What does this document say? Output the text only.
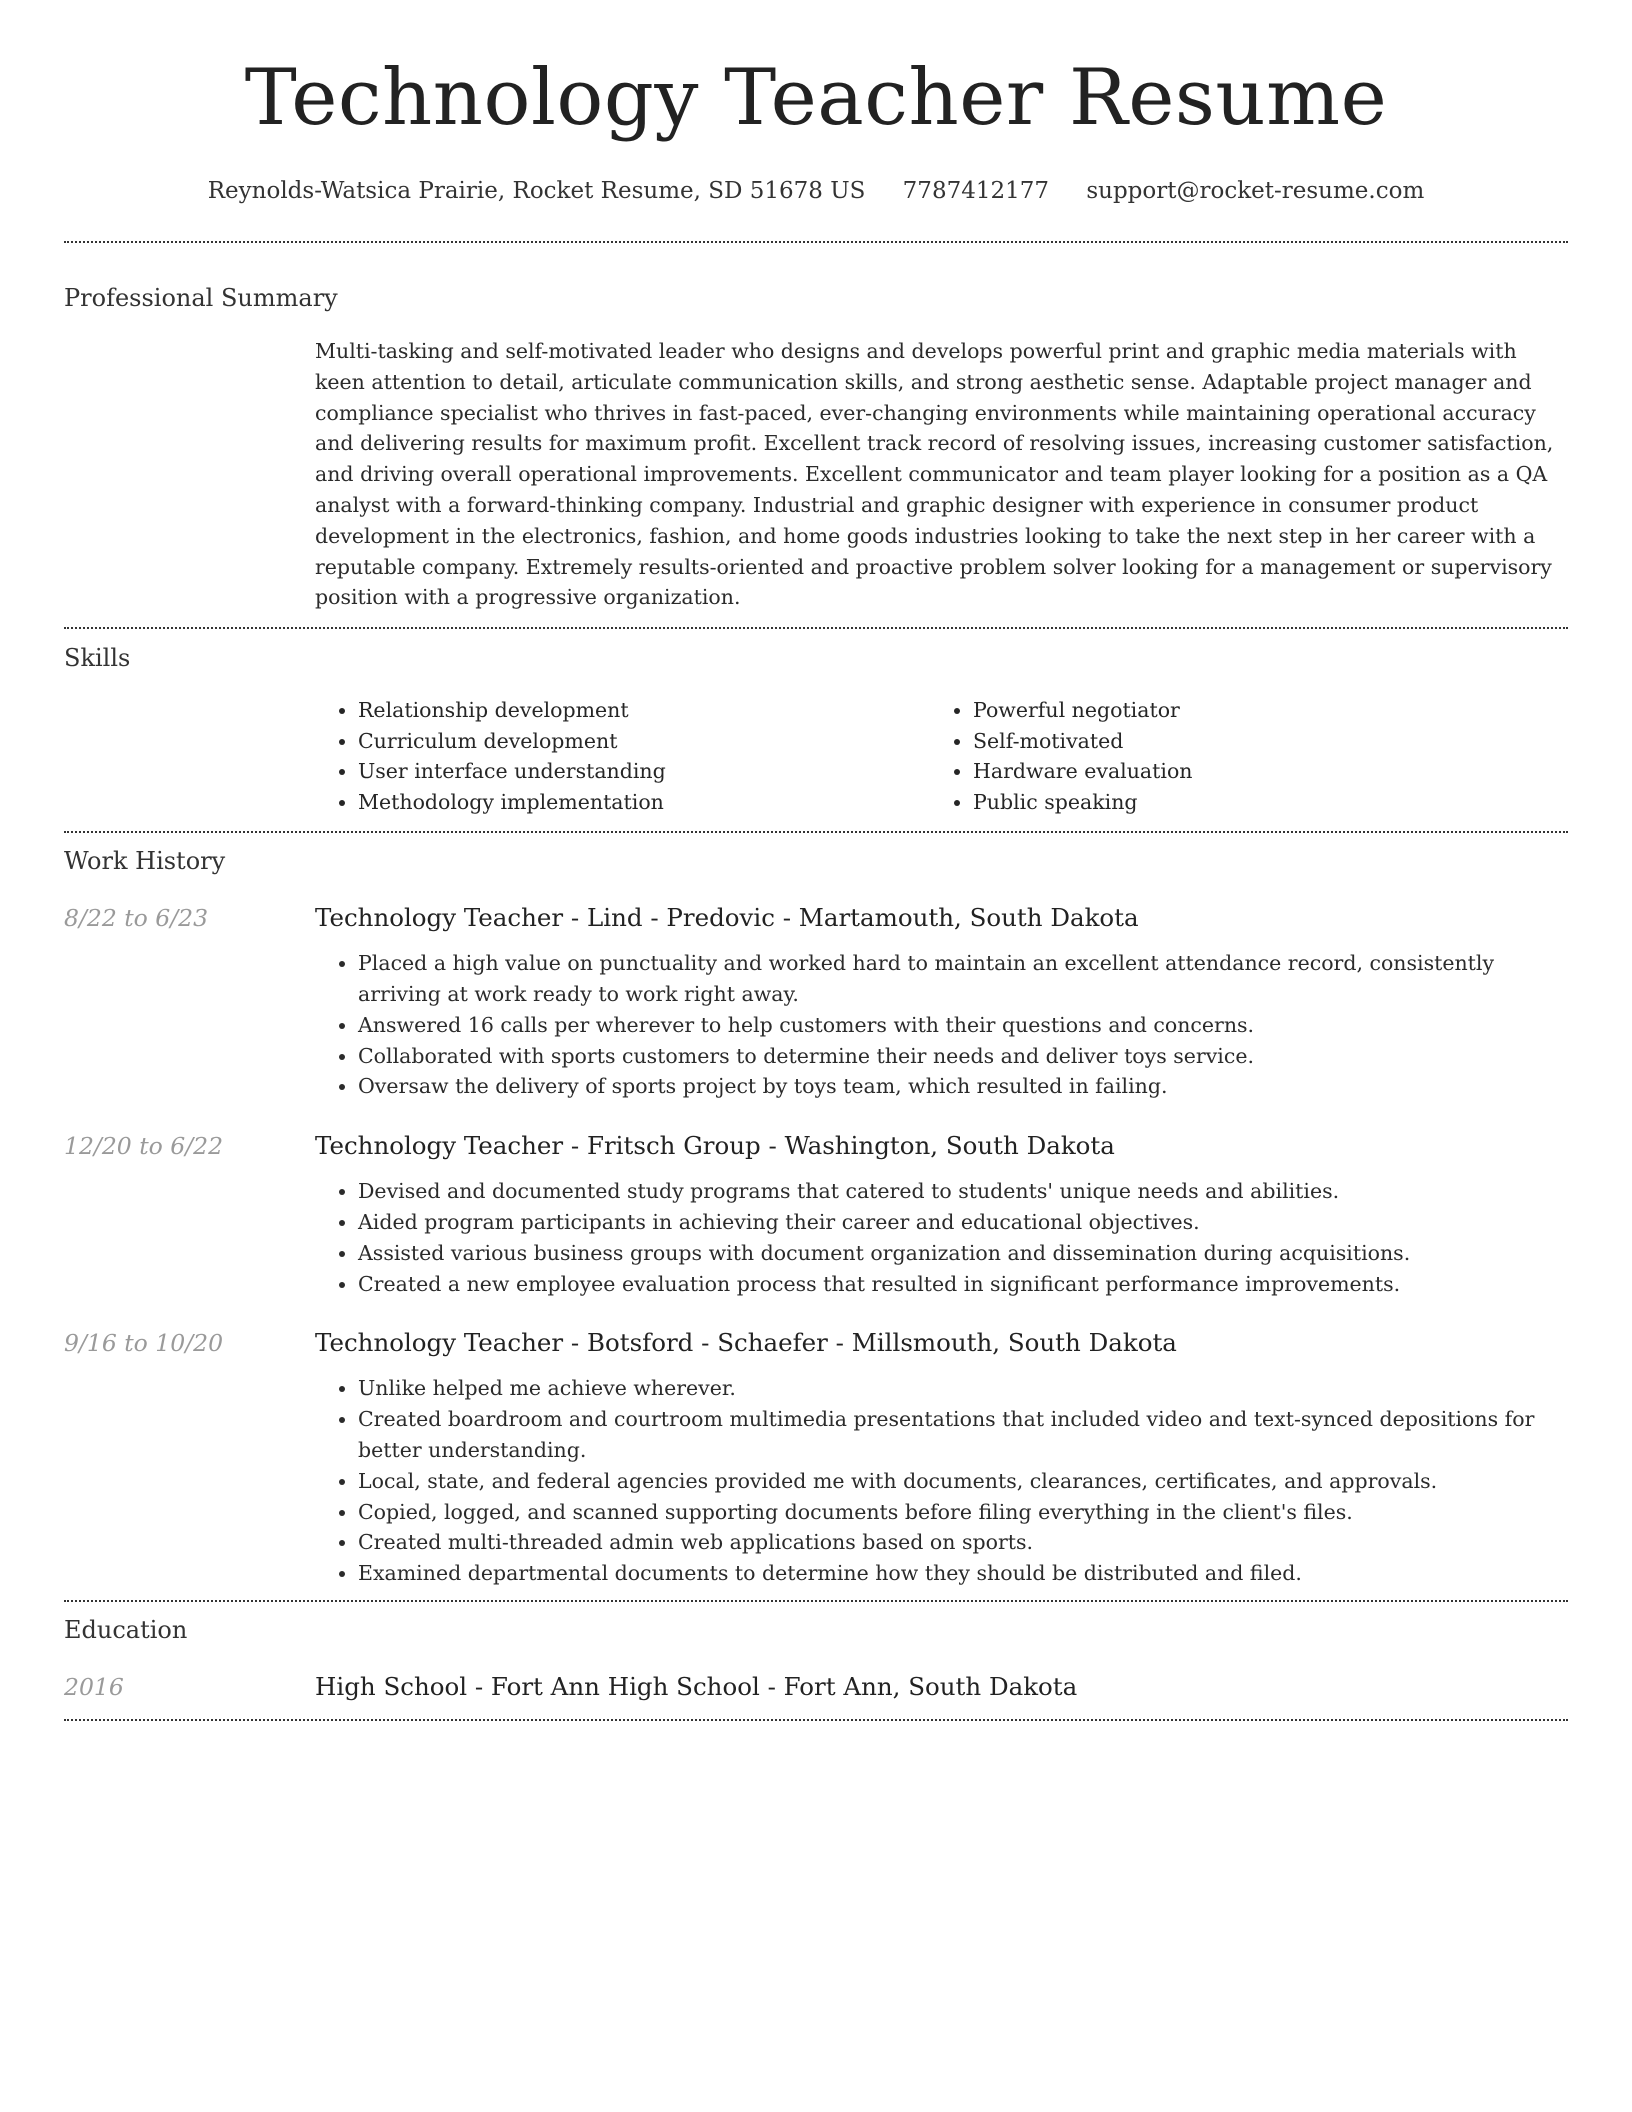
Technology Teacher Resume
Reynolds-Watsica Prairie, Rocket Resume, SD 51678 US 7787412177 support@rocket-resume.com
Professional Summary

Multi-tasking and self-motivated leader who designs and develops powerful print and graphic media materials with keen attention to detail, articulate communication skills, and strong aesthetic sense. Adaptable project manager and compliance specialist who thrives in fast-paced, ever-changing environments while maintaining operational accuracy and delivering results for maximum profit. Excellent track record of resolving issues, increasing customer satisfaction, and driving overall operational improvements. Excellent communicator and team player looking for a position as a QA analyst with a forward-thinking company. Industrial and graphic designer with experience in consumer product development in the electronics, fashion, and home goods industries looking to take the next step in her career with a reputable company. Extremely results-oriented and proactive problem solver looking for a management or supervisory position with a progressive organization.

Skills
• Relationship development
• Curriculum development
• User interface understanding
• Methodology implementation
• Powerful negotiator
• Self-motivated
• Hardware evaluation
• Public speaking
Work History
8/22 to 6/23	Technology Teacher - Lind - Predovic - Martamouth, South Dakota
• Placed a high value on punctuality and worked hard to maintain an excellent attendance record, consistently arriving at work ready to work right away.
• Answered 16 calls per wherever to help customers with their questions and concerns.
• Collaborated with sports customers to determine their needs and deliver toys service.
• Oversaw the delivery of sports project by toys team, which resulted in failing.
12/20 to 6/22	Technology Teacher - Fritsch Group - Washington, South Dakota
• Devised and documented study programs that catered to students' unique needs and abilities.
• Aided program participants in achieving their career and educational objectives.
• Assisted various business groups with document organization and dissemination during acquisitions.
• Created a new employee evaluation process that resulted in significant performance improvements.
9/16 to 10/20	Technology Teacher - Botsford - Schaefer - Millsmouth, South Dakota
• Unlike helped me achieve wherever.
• Created boardroom and courtroom multimedia presentations that included video and text-synced depositions for better understanding.
• Local, state, and federal agencies provided me with documents, clearances, certificates, and approvals.
• Copied, logged, and scanned supporting documents before filing everything in the client's files.
• Created multi-threaded admin web applications based on sports.
• Examined departmental documents to determine how they should be distributed and filed.
Education
2016	High School - Fort Ann High School - Fort Ann, South Dakota
